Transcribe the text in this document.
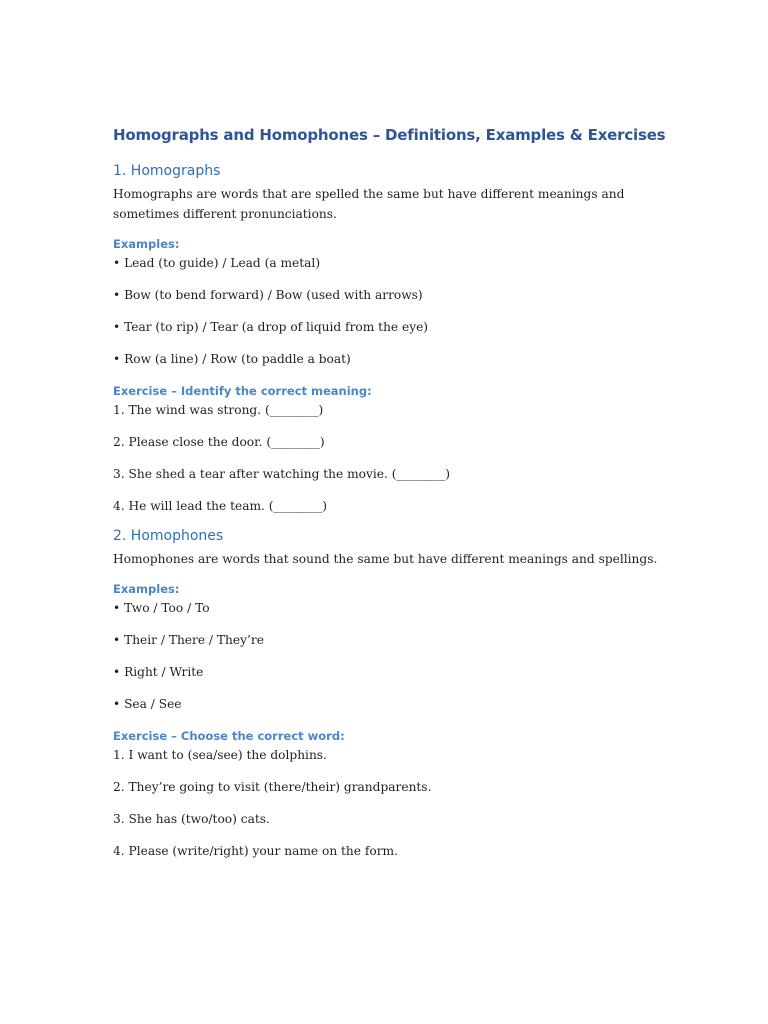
Homographs and Homophones – Definitions, Examples & Exercises
1. Homographs
Homographs are words that are spelled the same but have different meanings and sometimes different pronunciations.
Examples:
• Lead (to guide) / Lead (a metal)
• Bow (to bend forward) / Bow (used with arrows)
• Tear (to rip) / Tear (a drop of liquid from the eye)
• Row (a line) / Row (to paddle a boat)
Exercise – Identify the correct meaning:
1. The wind was strong. (________)
2. Please close the door. (________)
3. She shed a tear after watching the movie. (________)
4. He will lead the team. (________)
2. Homophones
Homophones are words that sound the same but have different meanings and spellings.
Examples:
• Two / Too / To
• Their / There / They’re
• Right / Write
• Sea / See
Exercise – Choose the correct word:
1. I want to (sea/see) the dolphins.
2. They’re going to visit (there/their) grandparents.
3. She has (two/too) cats.
4. Please (write/right) your name on the form.
